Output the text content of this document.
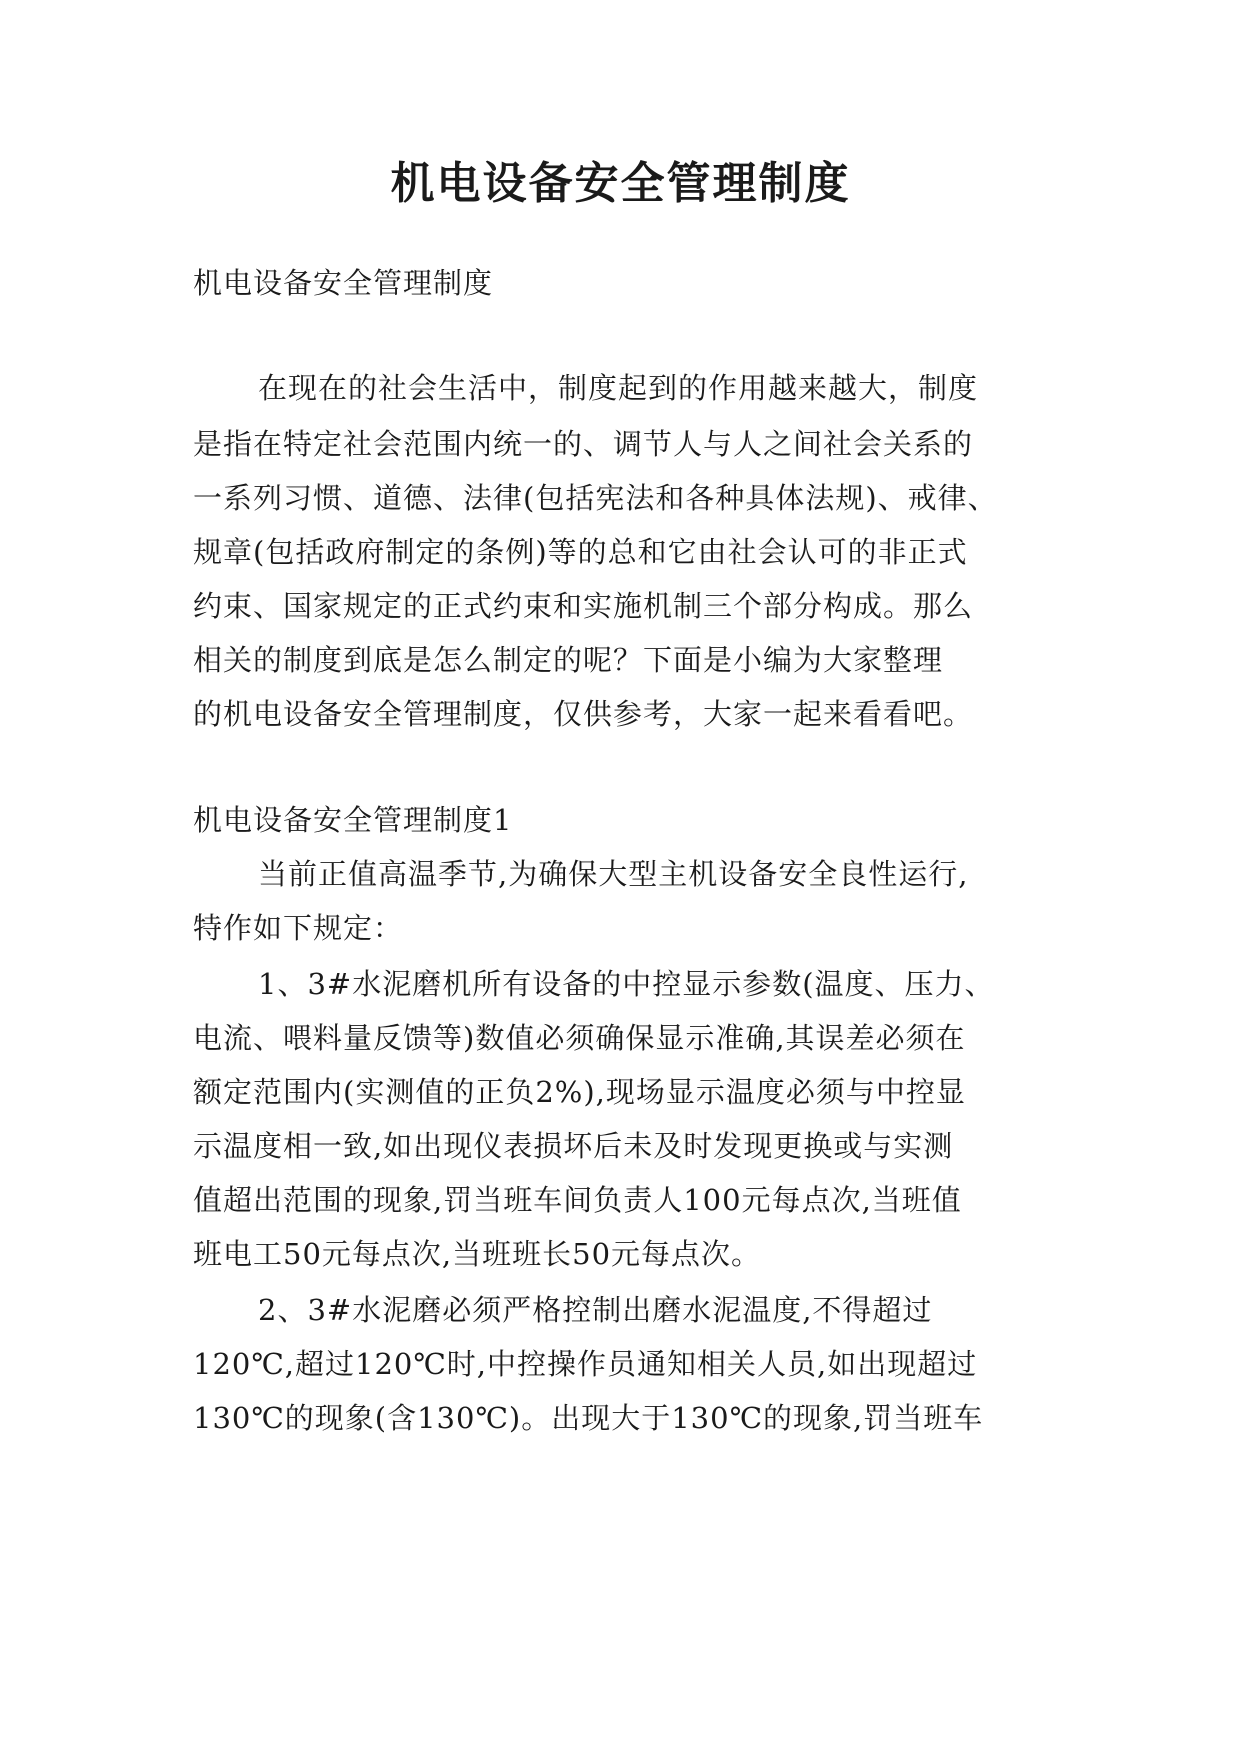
机电设备安全管理制度
机电设备安全管理制度
在现在的社会生活中，制度起到的作用越来越大，制度
是指在特定社会范围内统一的、调节人与人之间社会关系的
一系列习惯、道德、法律(包括宪法和各种具体法规)、戒律、
规章(包括政府制定的条例)等的总和它由社会认可的非正式
约束、国家规定的正式约束和实施机制三个部分构成。那么
相关的制度到底是怎么制定的呢？下面是小编为大家整理
的机电设备安全管理制度，仅供参考，大家一起来看看吧。
机电设备安全管理制度1
当前正值高温季节,为确保大型主机设备安全良性运行,
特作如下规定：
1、3#水泥磨机所有设备的中控显示参数(温度、压力、
电流、喂料量反馈等)数值必须确保显示准确,其误差必须在
额定范围内(实测值的正负2%),现场显示温度必须与中控显
示温度相一致,如出现仪表损坏后未及时发现更换或与实测
值超出范围的现象,罚当班车间负责人100元每点次,当班值
班电工50元每点次,当班班长50元每点次。
2、3#水泥磨必须严格控制出磨水泥温度,不得超过
120℃,超过120℃时,中控操作员通知相关人员,如出现超过
130℃的现象(含130℃)。出现大于130℃的现象,罚当班车
